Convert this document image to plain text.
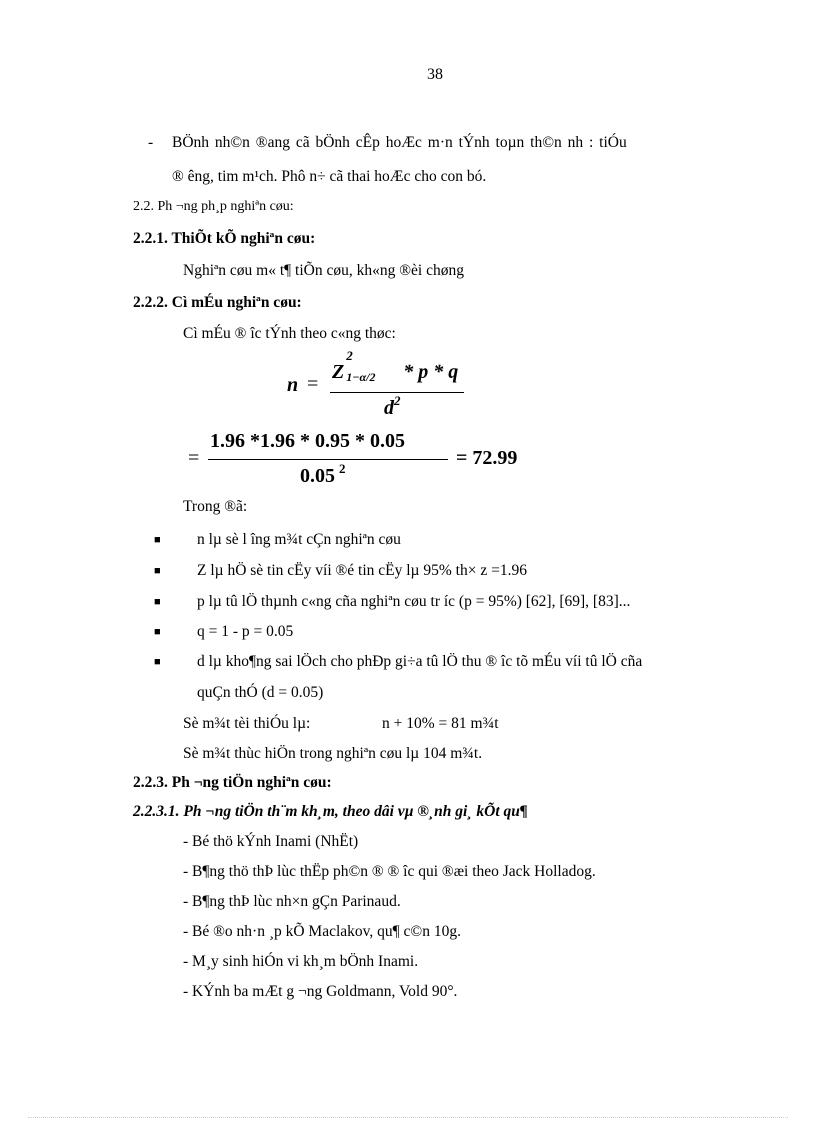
38
- BÖnh nh©n ®ang cã bÖnh cÊp hoÆc m·n tÝnh toµn th©n nh : tiÓu
® êng, tim m¹ch. Phô n÷ cã thai hoÆc cho con bó.
2.2. Ph ¬ng ph¸p nghiªn cøu:
2.2.1. ThiÕt kÕ nghiªn cøu:
Nghiªn cøu m« t¶ tiÕn cøu, kh«ng ®èi chøng
2.2.2. Cì mÉu nghiªn cøu:
Cì mÉu ® îc tÝnh theo c«ng thøc:
n =
Z
2
1−α/2 * p * q
$d^2$
=
1.96 *1.96 * 0.95 * 0.05
0.05 $^2$	= 72.99
Trong ®ã:
■ n lµ sè l îng m¾t cÇn nghiªn cøu
■ Z lµ hÖ sè tin cËy víi ®é tin cËy lµ 95% th× z =1.96
■ p lµ tû lÖ thµnh c«ng cña nghiªn cøu tr íc (p = 95%) [62], [69], [83]...
■ q = 1 - p = 0.05
■ d lµ kho¶ng sai lÖch cho phÐp gi÷a tû lÖ thu ® îc tõ mÉu víi tû lÖ cña
quÇn thÓ (d = 0.05)
Sè m¾t tèi thiÓu lµ:	n + 10% = 81 m¾t
Sè m¾t thùc hiÖn trong nghiªn cøu lµ 104 m¾t.
2.2.3. Ph ¬ng tiÖn nghiªn cøu:
2.2.3.1. Ph ¬ng tiÖn th¨m kh¸m, theo dâi vµ ®¸nh gi¸ kÕt qu¶
- Bé thö kÝnh Inami (NhËt)
- B¶ng thö thÞ lùc thËp ph©n ® ® îc qui ®æi theo Jack Holladog.
- B¶ng thÞ lùc nh×n gÇn Parinaud.
- Bé ®o nh·n ¸p kÕ Maclakov, qu¶ c©n 10g.
- M¸y sinh hiÓn vi kh¸m bÖnh Inami.
- KÝnh ba mÆt g ¬ng Goldmann, Vold 90°.
